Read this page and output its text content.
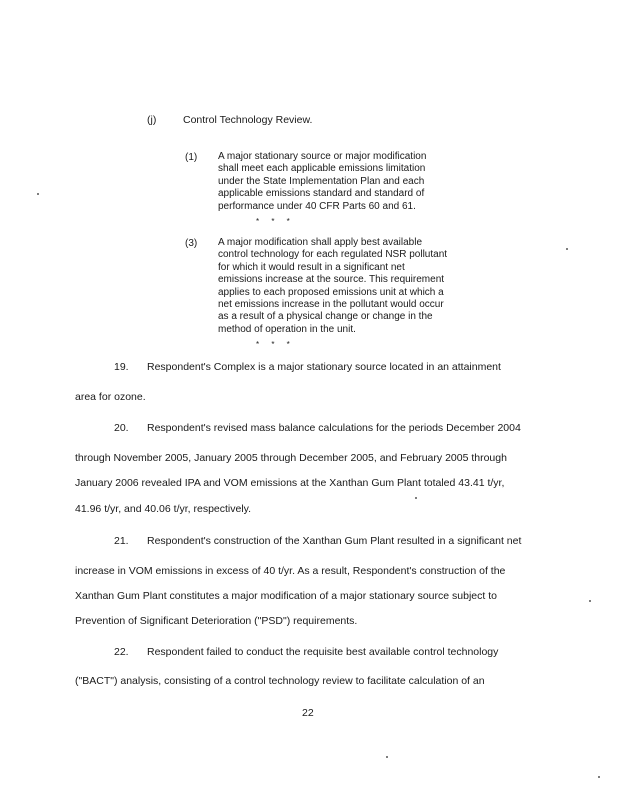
(j)	Control Technology Review.
(1) A major stationary source or major modification
shall meet each applicable emissions limitation
under the State Implementation Plan and each
applicable emissions standard and standard of
performance under 40 CFR Parts 60 and 61.
* * *
(3) A major modification shall apply best available
control technology for each regulated NSR pollutant
for which it would result in a significant net
emissions increase at the source. This requirement
applies to each proposed emissions unit at which a
net emissions increase in the pollutant would occur
as a result of a physical change or change in the
method of operation in the unit.
* * *
19. Respondent's Complex is a major stationary source located in an attainment
area for ozone.
20. Respondent's revised mass balance calculations for the periods December 2004
through November 2005, January 2005 through December 2005, and February 2005 through
January 2006 revealed IPA and VOM emissions at the Xanthan Gum Plant totaled 43.41 t/yr,
41.96 t/yr, and 40.06 t/yr, respectively.
21. Respondent's construction of the Xanthan Gum Plant resulted in a significant net
increase in VOM emissions in excess of 40 t/yr. As a result, Respondent's construction of the
Xanthan Gum Plant constitutes a major modification of a major stationary source subject to
Prevention of Significant Deterioration ("PSD") requirements.
22. Respondent failed to conduct the requisite best available control technology
("BACT") analysis, consisting of a control technology review to facilitate calculation of an
22
